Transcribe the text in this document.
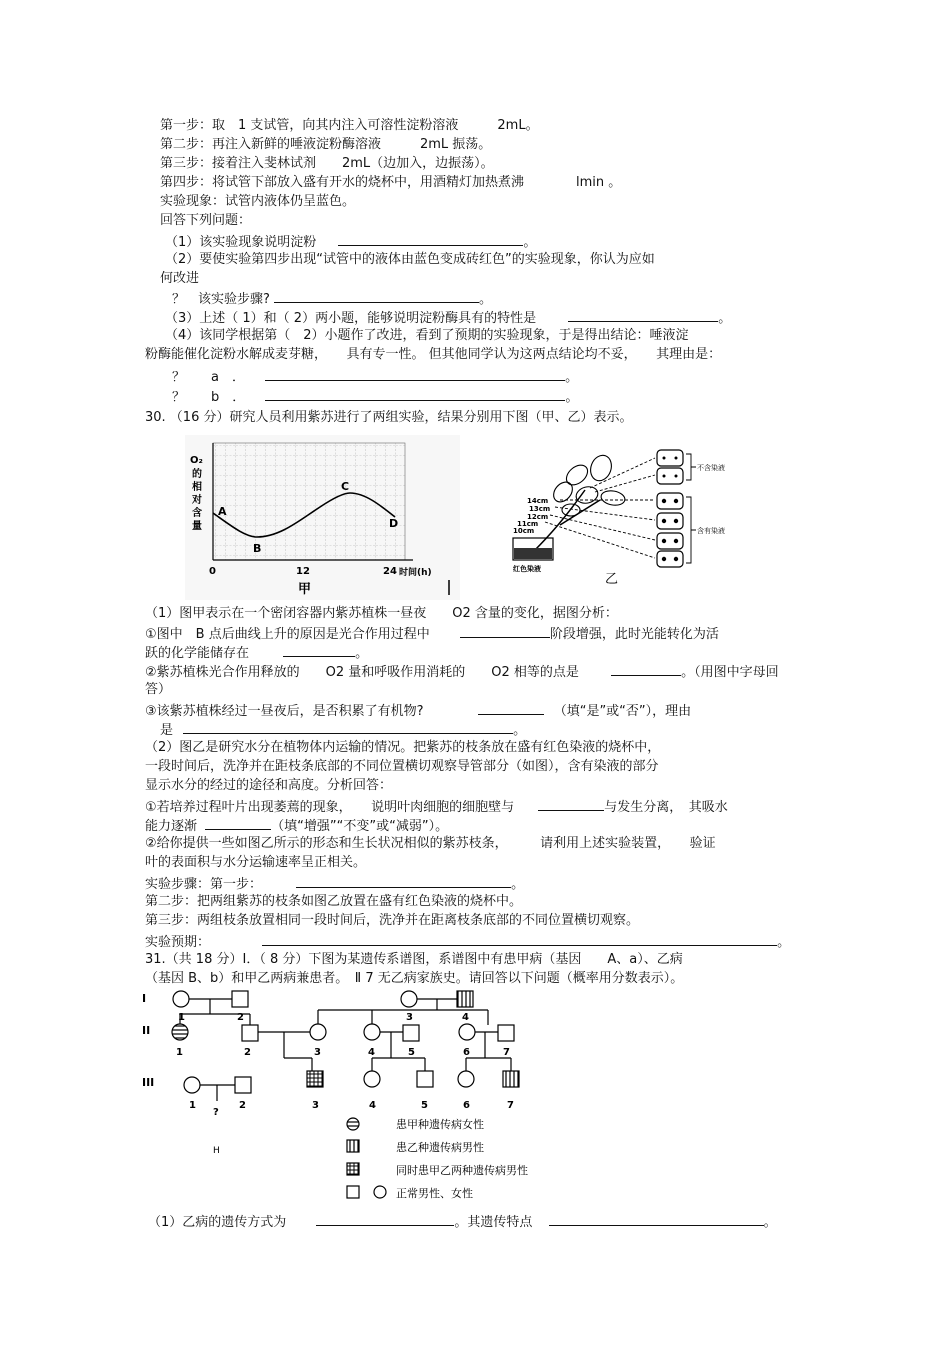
第一步：取　1 支试管，向其内注入可溶性淀粉溶液　　　2mL。
第二步：再注入新鲜的唾液淀粉酶溶液　　　2mL 振荡。
第三步：接着注入斐林试剂　　2mL（边加入，边振荡）。
第四步：将试管下部放入盛有开水的烧杯中，用酒精灯加热煮沸　　　　lmin 。
实验现象：试管内液体仍呈蓝色。
回答下列问题：
（1）该实验现象说明淀粉	。
（2）要使实验第四步出现“试管中的液体由蓝色变成砖红色”的实验现象，你认为应如
何改进
？　该实验步骤?	。
（3）上述（ 1）和（ 2）两小题，能够说明淀粉酶具有的特性是	。
（4）该同学根据第（　2）小题作了改进，看到了预期的实验现象，于是得出结论：唾液淀
粉酶能催化淀粉水解成麦芽糖，　　具有专一性。 但其他同学认为这两点结论均不妥，　　其理由是：
？　　a　．	。
？　　b　．	。
30. （16 分）研究人员利用紫苏进行了两组实验，结果分别用下图（甲、乙）表示。
O₂
的
相
对
含
量
A
B
C
D
0	12	24 时间(h)
甲
14cm
13cm
12cm
11cm
10cm
红色染液
不含染液
含有染液
乙
（1）图甲表示在一个密闭容器内紫苏植株一昼夜　　O2 含量的变化，据图分析：
①图中　B 点后曲线上升的原因是光合作用过程中	阶段增强，此时光能转化为活
跃的化学能储存在	。
②紫苏植株光合作用释放的　　O2 量和呼吸作用消耗的　　O2 相等的点是	。（用图中字母回
答）
③该紫苏植株经过一昼夜后，是否积累了有机物?	（填“是”或“否”），理由
是	。
（2）图乙是研究水分在植物体内运输的情况。把紫苏的枝条放在盛有红色染液的烧杯中，
一段时间后，洗净并在距枝条底部的不同位置横切观察导管部分（如图），含有染液的部分
显示水分的经过的途径和高度。分析回答：
①若培养过程叶片出现萎蔫的现象，　　说明叶肉细胞的细胞壁与	与发生分离，　其吸水
能力逐渐	（填“增强”“不变”或“减弱”）。
②给你提供一些如图乙所示的形态和生长状况相似的紫苏枝条，　　　请利用上述实验装置，　　验证
叶的表面积与水分运输速率呈正相关。
实验步骤：第一步：	。
第二步：把两组紫苏的枝条如图乙放置在盛有红色染液的烧杯中。
第三步：两组枝条放置相同一段时间后，洗净并在距离枝条底部的不同位置横切观察。
实验预期：	。
31.（共 18 分）Ⅰ．（ 8 分）下图为某遗传系谱图，系谱图中有患甲病（基因　　A、a）、乙病
（基因 B、b）和甲乙两病兼患者。　Ⅱ 7 无乙病家族史。请回答以下问题（概率用分数表示）。
I
II
III
1	2	3	4
1	2	3	4	5	6	7
1	2	3	4	5	6	7
?
H
患甲种遗传病女性
患乙种遗传病男性
同时患甲乙两种遗传病男性
正常男性、女性
（1）乙病的遗传方式为	。其遗传特点	。
